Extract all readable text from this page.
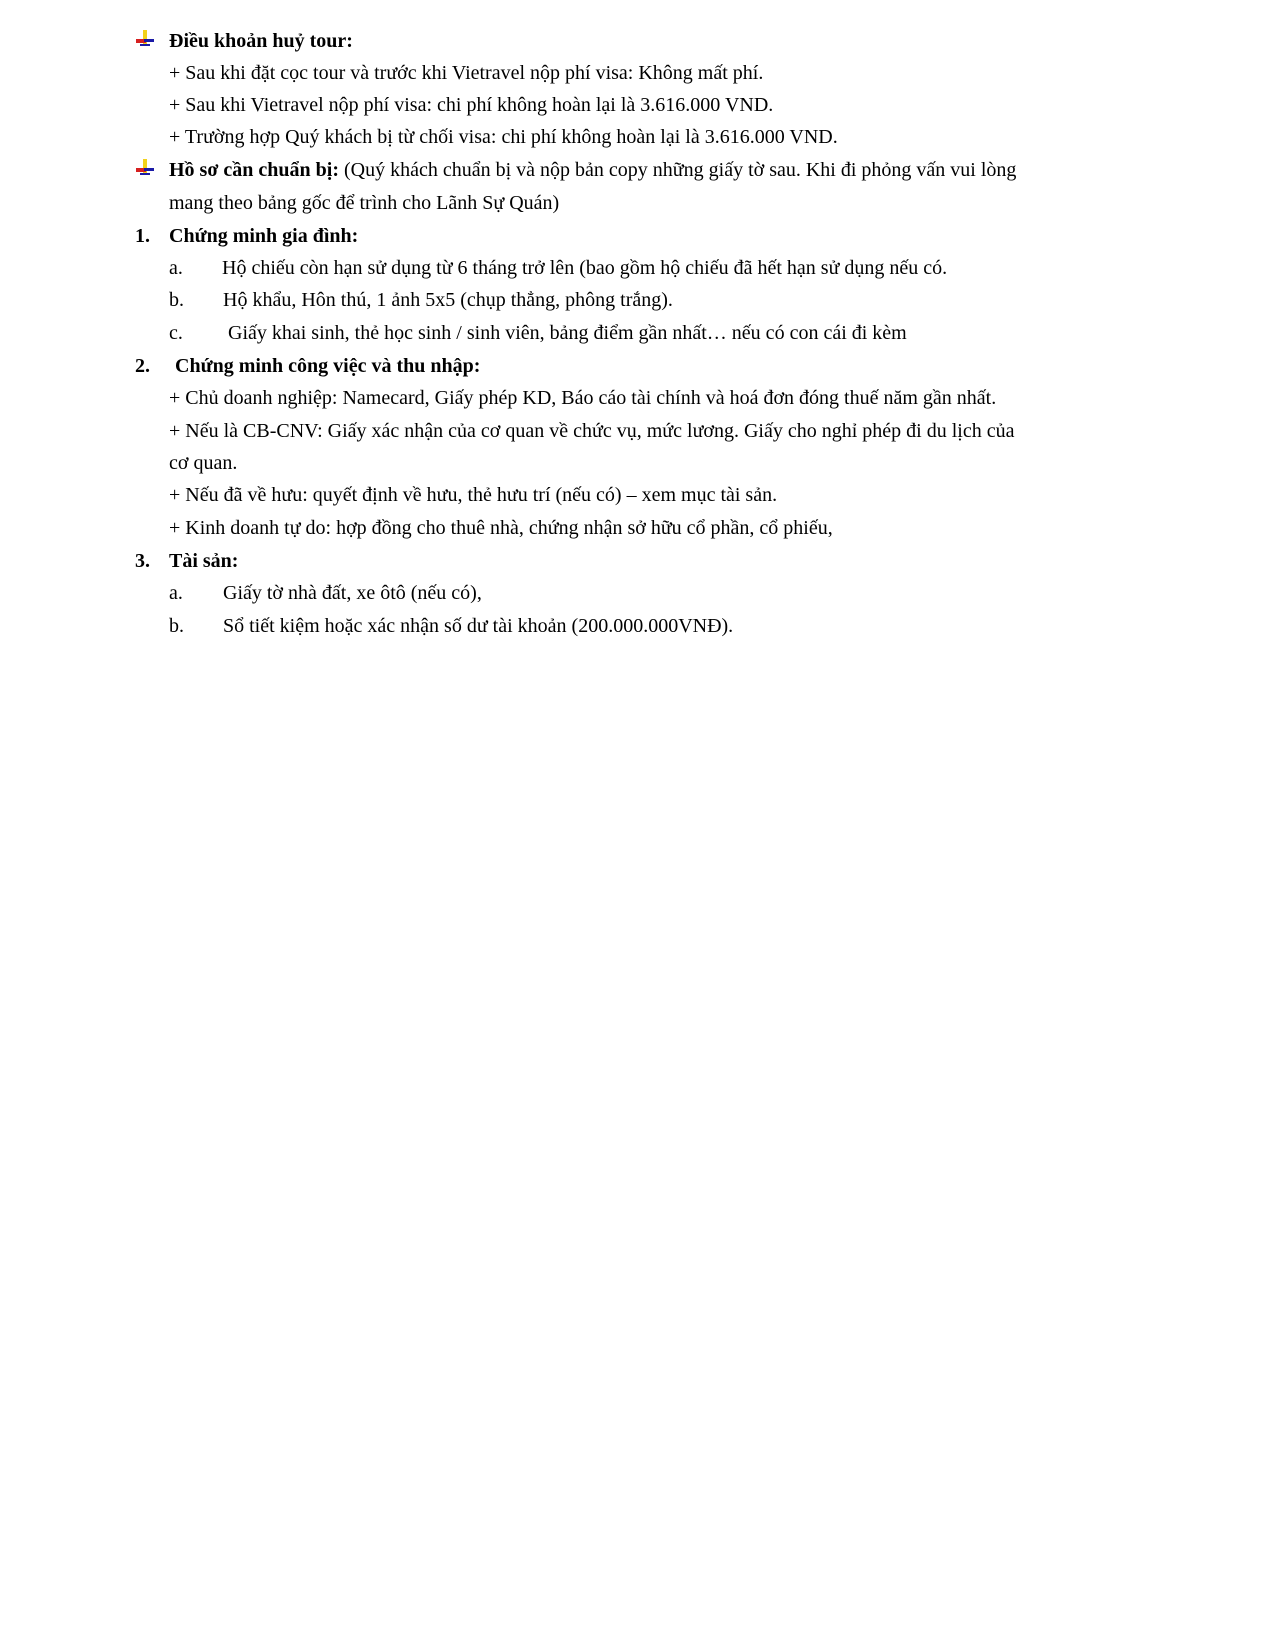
Điều khoản huỷ tour:
+ Sau khi đặt cọc tour và trước khi Vietravel nộp phí visa: Không mất phí.
+ Sau khi Vietravel nộp phí visa: chi phí không hoàn lại là 3.616.000 VND.
+ Trường hợp Quý khách bị từ chối visa: chi phí không hoàn lại là 3.616.000 VND.
Hồ sơ cần chuẩn bị: (Quý khách chuẩn bị và nộp bản copy những giấy tờ sau. Khi đi phỏng vấn vui lòng
mang theo bảng gốc để trình cho Lãnh Sự Quán)
1. Chứng minh gia đình:
a. Hộ chiếu còn hạn sử dụng từ 6 tháng trở lên (bao gồm hộ chiếu đã hết hạn sử dụng nếu có.
b. Hộ khẩu, Hôn thú, 1 ảnh 5x5 (chụp thẳng, phông trắng).
c. Giấy khai sinh, thẻ học sinh / sinh viên, bảng điểm gần nhất… nếu có con cái đi kèm
2. Chứng minh công việc và thu nhập:
+ Chủ doanh nghiệp: Namecard, Giấy phép KD, Báo cáo tài chính và hoá đơn đóng thuế năm gần nhất.
+ Nếu là CB-CNV: Giấy xác nhận của cơ quan về chức vụ, mức lương. Giấy cho nghỉ phép đi du lịch của
cơ quan.
+ Nếu đã về hưu: quyết định về hưu, thẻ hưu trí (nếu có) – xem mục tài sản.
+ Kinh doanh tự do: hợp đồng cho thuê nhà, chứng nhận sở hữu cổ phần, cổ phiếu,
3. Tài sản:
a. Giấy tờ nhà đất, xe ôtô (nếu có),
b. Sổ tiết kiệm hoặc xác nhận số dư tài khoản (200.000.000VNĐ).
